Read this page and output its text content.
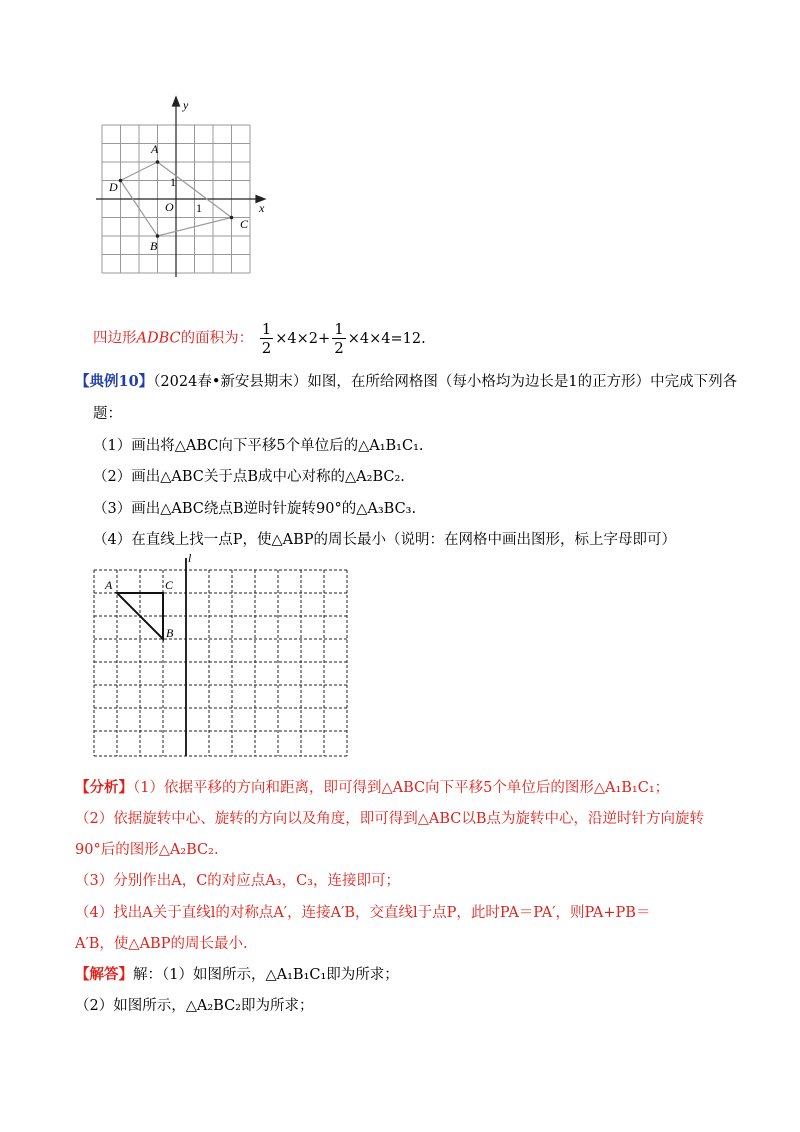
y
x
A
D
O
1
1
C
B
四边形ADBC的面积为： $\frac{1}{2} \times 4\times 2+ \frac{1}{2} \times 4\times 4=12$.
【典例10】（2024春•新安县期末）如图，在所给网格图（每小格均为边长是1的正方形）中完成下列各
题：
（1）画出将△ABC向下平移5个单位后的△A₁B₁C₁.
（2）画出△ABC关于点B成中心对称的△A₂BC₂.
（3）画出△ABC绕点B逆时针旋转90°的△A₃BC₃.
（4）在直线上找一点P，使△ABP的周长最小（说明：在网格中画出图形，标上字母即可）
l
A	C
B
【分析】（1）依据平移的方向和距离，即可得到△ABC向下平移5个单位后的图形△A₁B₁C₁；
（2）依据旋转中心、旋转的方向以及角度，即可得到△ABC以B点为旋转中心，沿逆时针方向旋转
90°后的图形△A₂BC₂.
（3）分别作出A，C的对应点A₃，C₃，连接即可；
（4）找出A关于直线l的对称点A′，连接A′B，交直线l于点P，此时PA＝PA′，则PA+PB＝
A′B，使△ABP的周长最小.
【解答】解：（1）如图所示，△A₁B₁C₁即为所求；
（2）如图所示，△A₂BC₂即为所求；
